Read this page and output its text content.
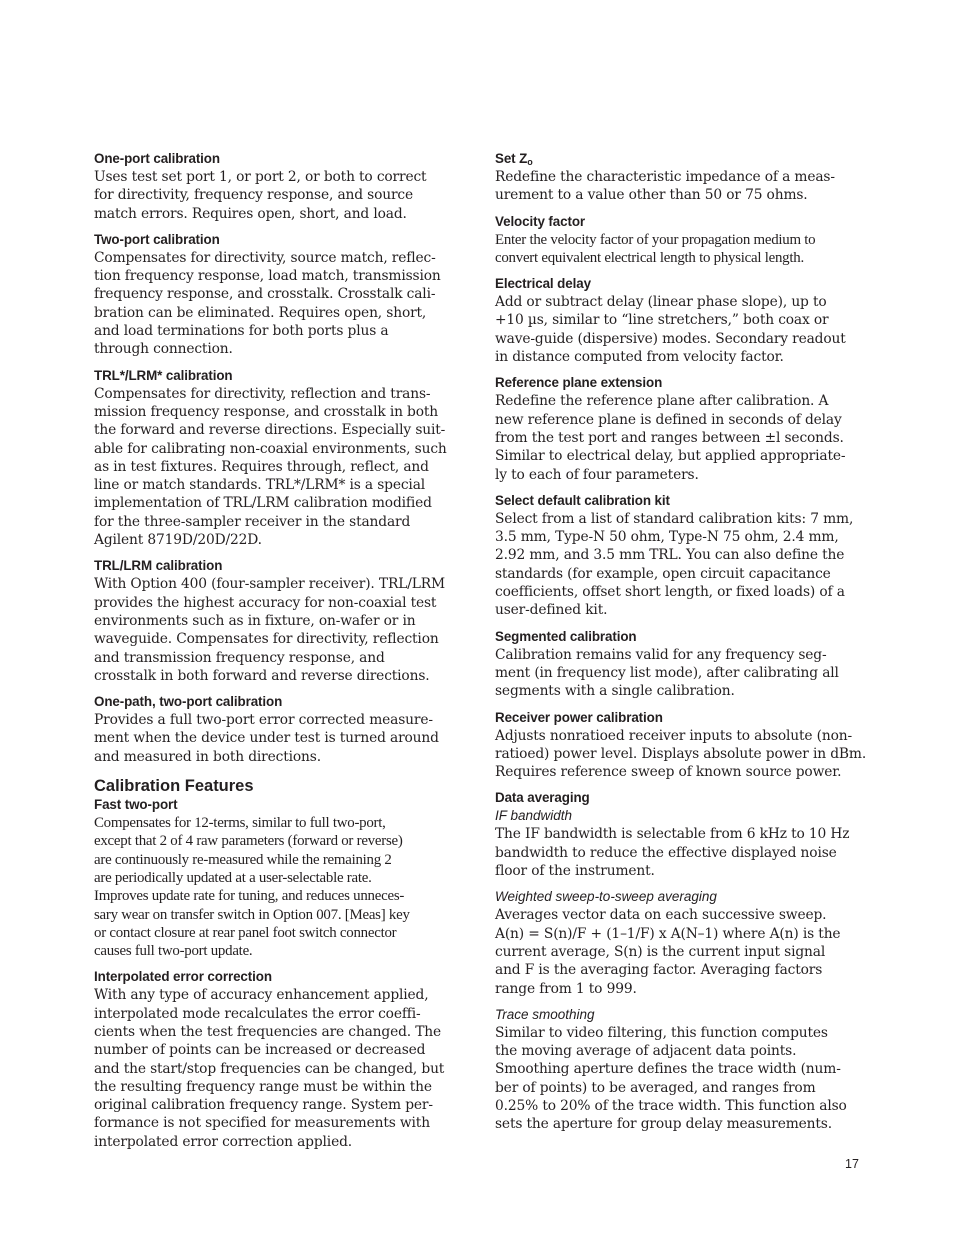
One-port calibration

Uses test set port 1, or port 2, or both to correct
for directivity, frequency response, and source
match errors. Requires open, short, and load.

Two-port calibration

Compensates for directivity, source match, reflec-
tion frequency response, load match, transmission
frequency response, and crosstalk. Crosstalk cali-
bration can be eliminated. Requires open, short,
and load terminations for both ports plus a
through connection.

TRL*/LRM* calibration

Compensates for directivity, reflection and trans-
mission frequency response, and crosstalk in both
the forward and reverse directions. Especially suit-
able for calibrating non-coaxial environments, such
as in test fixtures. Requires through, reflect, and
line or match standards. TRL*/LRM* is a special
implementation of TRL/LRM calibration modified
for the three-sampler receiver in the standard
Agilent 8719D/20D/22D.

TRL/LRM calibration

With Option 400 (four-sampler receiver). TRL/LRM
provides the highest accuracy for non-coaxial test
environments such as in fixture, on-wafer or in
waveguide. Compensates for directivity, reflection
and transmission frequency response, and
crosstalk in both forward and reverse directions.

One-path, two-port calibration

Provides a full two-port error corrected measure-
ment when the device under test is turned around
and measured in both directions.

Calibration Features

Fast two-port

Compensates for 12-terms, similar to full two-port,
except that 2 of 4 raw parameters (forward or reverse)
are continuously re-measured while the remaining 2
are periodically updated at a user-selectable rate.
Improves update rate for tuning, and reduces unneces-
sary wear on transfer switch in Option 007. [Meas] key
or contact closure at rear panel foot switch connector
causes full two-port update.

Interpolated error correction

With any type of accuracy enhancement applied,
interpolated mode recalculates the error coeffi-
cients when the test frequencies are changed. The
number of points can be increased or decreased
and the start/stop frequencies can be changed, but
the resulting frequency range must be within the
original calibration frequency range. System per-
formance is not specified for measurements with
interpolated error correction applied.

Set $Z_o$

Redefine the characteristic impedance of a meas-
urement to a value other than 50 or 75 ohms.

Velocity factor

Enter the velocity factor of your propagation medium to
convert equivalent electrical length to physical length.

Electrical delay

Add or subtract delay (linear phase slope), up to
+10 µs, similar to “line stretchers,” both coax or
wave-guide (dispersive) modes. Secondary readout
in distance computed from velocity factor.

Reference plane extension

Redefine the reference plane after calibration. A
new reference plane is defined in seconds of delay
from the test port and ranges between ±l seconds.
Similar to electrical delay, but applied appropriate-
ly to each of four parameters.

Select default calibration kit

Select from a list of standard calibration kits: 7 mm,
3.5 mm, Type-N 50 ohm, Type-N 75 ohm, 2.4 mm,
2.92 mm, and 3.5 mm TRL. You can also define the
standards (for example, open circuit capacitance
coefficients, offset short length, or fixed loads) of a
user-defined kit.

Segmented calibration

Calibration remains valid for any frequency seg-
ment (in frequency list mode), after calibrating all
segments with a single calibration.

Receiver power calibration

Adjusts nonratioed receiver inputs to absolute (non-
ratioed) power level. Displays absolute power in dBm.
Requires reference sweep of known source power.

Data averaging

IF bandwidth

The IF bandwidth is selectable from 6 kHz to 10 Hz
bandwidth to reduce the effective displayed noise
floor of the instrument.

Weighted sweep-to-sweep averaging

Averages vector data on each successive sweep.
A(n) = S(n)/F + (1–1/F) x A(N–1) where A(n) is the
current average, S(n) is the current input signal
and F is the averaging factor. Averaging factors
range from 1 to 999.

Trace smoothing

Similar to video filtering, this function computes
the moving average of adjacent data points.
Smoothing aperture defines the trace width (num-
ber of points) to be averaged, and ranges from
0.25% to 20% of the trace width. This function also
sets the aperture for group delay measurements.

17
